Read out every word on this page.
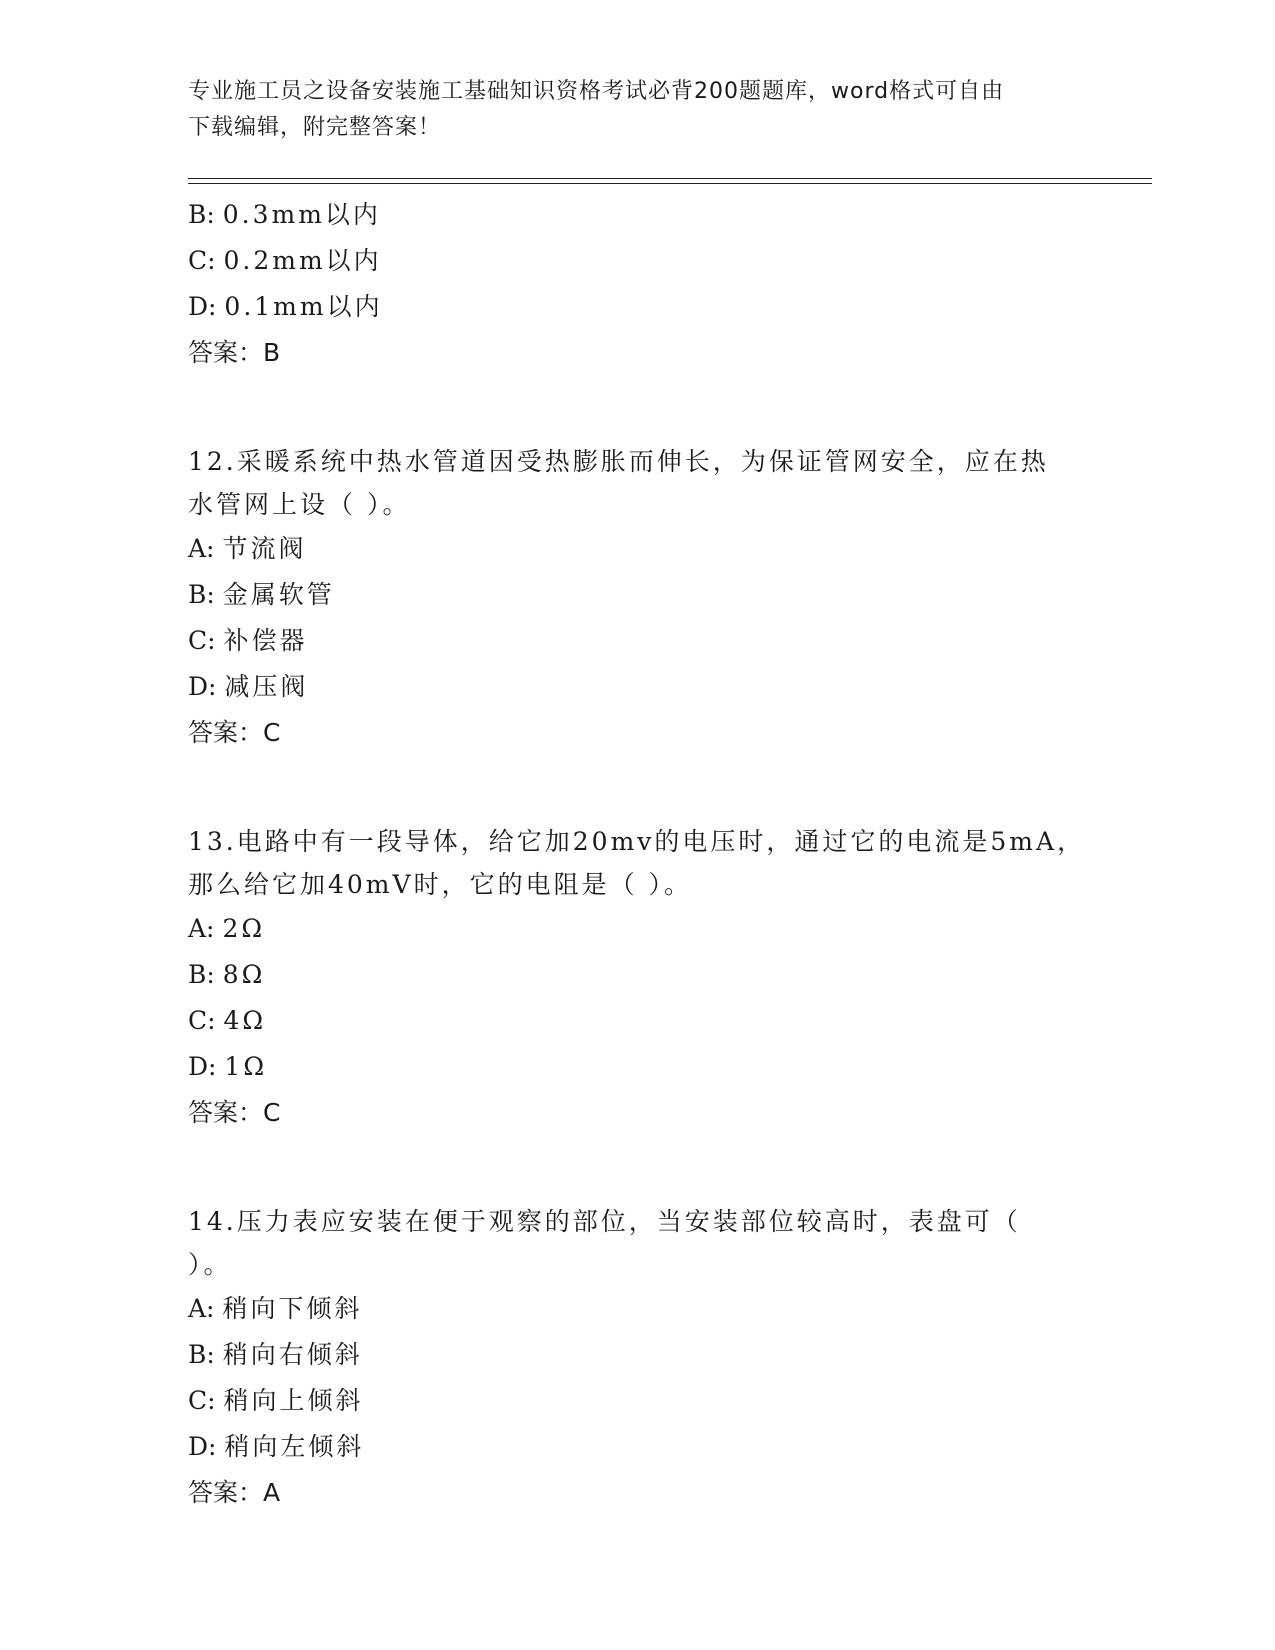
专业施工员之设备安装施工基础知识资格考试必背200题题库，word格式可自由
下载编辑，附完整答案！
B: 0.3mm以内
C: 0.2mm以内
D: 0.1mm以内
答案：B
12.采暖系统中热水管道因受热膨胀而伸长，为保证管网安全，应在热
水管网上设（ ）。
A: 节流阀
B: 金属软管
C: 补偿器
D: 减压阀
答案：C
13.电路中有一段导体，给它加20mv的电压时，通过它的电流是5mA，
那么给它加40mV时，它的电阻是（ ）。
A: 2Ω
B: 8Ω
C: 4Ω
D: 1Ω
答案：C
14.压力表应安装在便于观察的部位，当安装部位较高时，表盘可（
）。
A: 稍向下倾斜
B: 稍向右倾斜
C: 稍向上倾斜
D: 稍向左倾斜
答案：A
